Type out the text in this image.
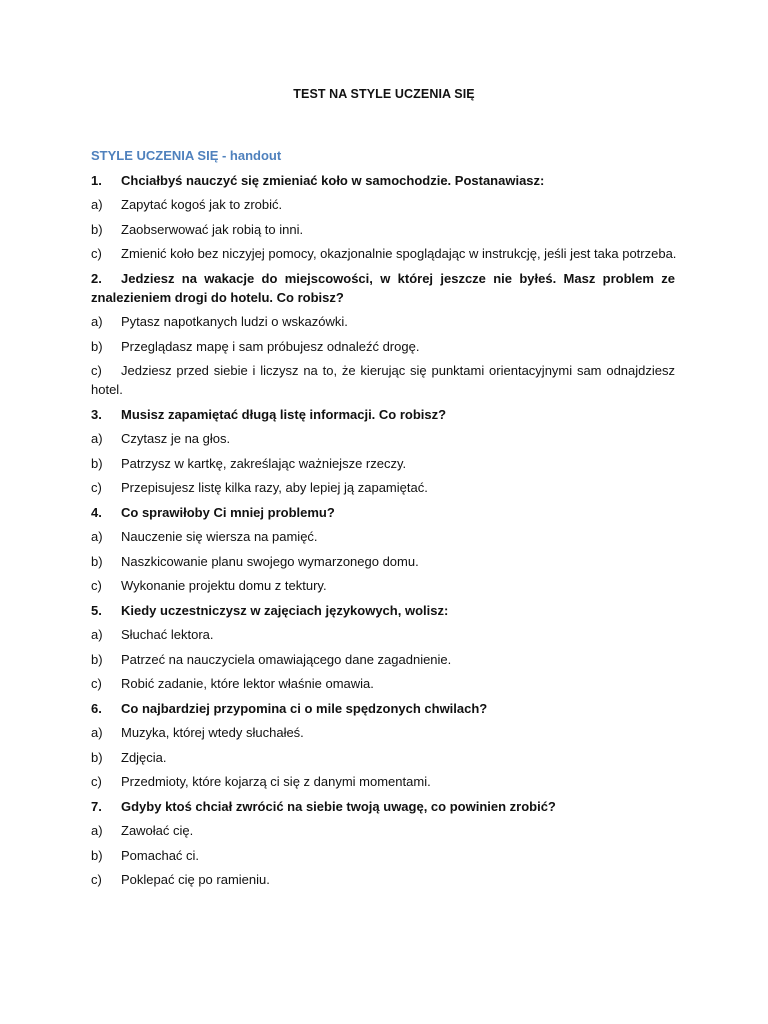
TEST NA STYLE UCZENIA SIĘ
STYLE UCZENIA SIĘ - handout
1. Chciałbyś nauczyć się zmieniać koło w samochodzie. Postanawiasz:
a) Zapytać kogoś jak to zrobić.
b) Zaobserwować jak robią to inni.
c) Zmienić koło bez niczyjej pomocy, okazjonalnie spoglądając w instrukcję, jeśli jest taka potrzeba.
2. Jedziesz na wakacje do miejscowości, w której jeszcze nie byłeś. Masz problem ze znalezieniem drogi do hotelu. Co robisz?
a) Pytasz napotkanych ludzi o wskazówki.
b) Przeglądasz mapę i sam próbujesz odnaleźć drogę.
c) Jedziesz przed siebie i liczysz na to, że kierując się punktami orientacyjnymi sam odnajdziesz hotel.
3. Musisz zapamiętać długą listę informacji. Co robisz?
a) Czytasz je na głos.
b) Patrzysz w kartkę, zakreślając ważniejsze rzeczy.
c) Przepisujesz listę kilka razy, aby lepiej ją zapamiętać.
4. Co sprawiłoby Ci mniej problemu?
a) Nauczenie się wiersza na pamięć.
b) Naszkicowanie planu swojego wymarzonego domu.
c) Wykonanie projektu domu z tektury.
5. Kiedy uczestniczysz w zajęciach językowych, wolisz:
a) Słuchać lektora.
b) Patrzeć na nauczyciela omawiającego dane zagadnienie.
c) Robić zadanie, które lektor właśnie omawia.
6. Co najbardziej przypomina ci o mile spędzonych chwilach?
a) Muzyka, której wtedy słuchałeś.
b) Zdjęcia.
c) Przedmioty, które kojarzą ci się z danymi momentami.
7. Gdyby ktoś chciał zwrócić na siebie twoją uwagę, co powinien zrobić?
a) Zawołać cię.
b) Pomachać ci.
c) Poklepać cię po ramieniu.
